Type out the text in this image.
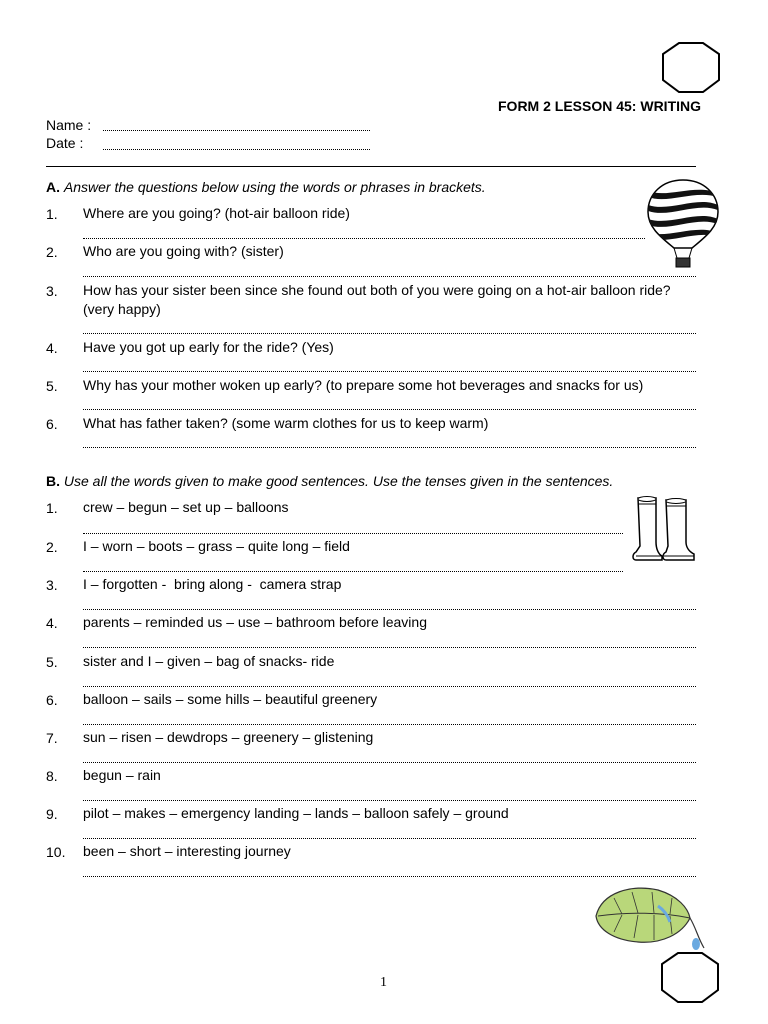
FORM 2 LESSON 45: WRITING
Name :
Date :
A. Answer the questions below using the words or phrases in brackets.
1. Where are you going? (hot-air balloon ride)
2. Who are you going with? (sister)
3. How has your sister been since she found out both of you were going on a hot-air balloon ride? (very happy)
4. Have you got up early for the ride? (Yes)
5. Why has your mother woken up early? (to prepare some hot beverages and snacks for us)
6. What has father taken? (some warm clothes for us to keep warm)
B. Use all the words given to make good sentences. Use the tenses given in the sentences.
1. crew – begun – set up – balloons
2. I – worn – boots – grass – quite long – field
3. I – forgotten -  bring along -  camera strap
4. parents – reminded us – use – bathroom before leaving
5. sister and I – given – bag of snacks- ride
6. balloon – sails – some hills – beautiful greenery
7. sun – risen – dewdrops – greenery – glistening
8. begun – rain
9. pilot – makes – emergency landing – lands – balloon safely – ground
10. been – short – interesting journey
1
